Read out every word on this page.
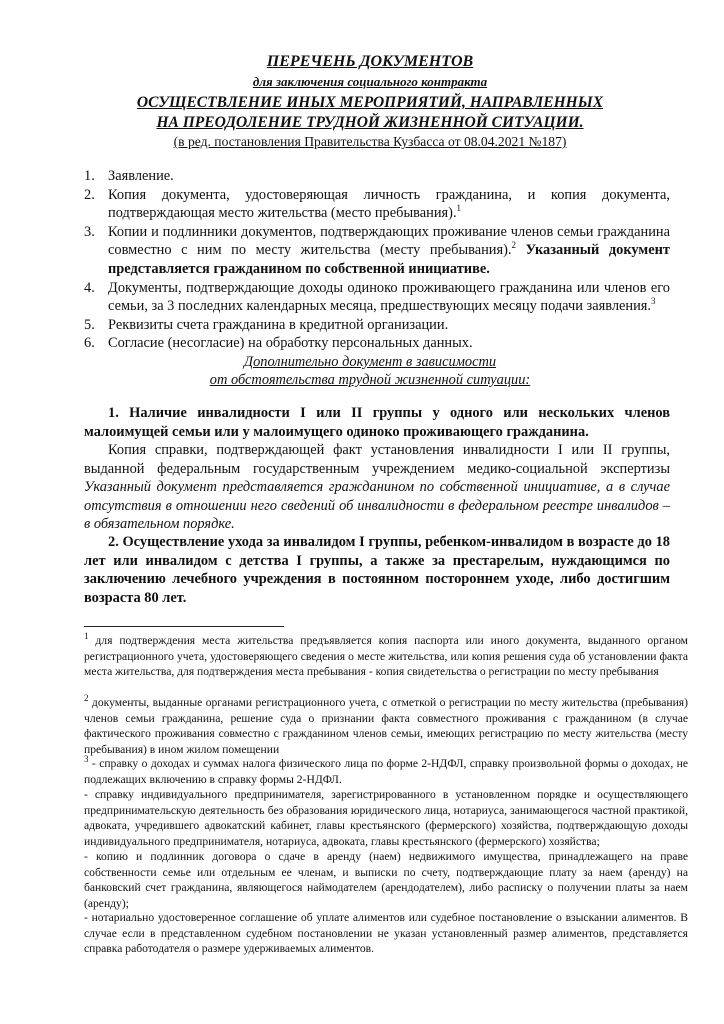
ПЕРЕЧЕНЬ ДОКУМЕНТОВ

для заключения социального контракта

ОСУЩЕСТВЛЕНИЕ ИНЫХ МЕРОПРИЯТИЙ, НАПРАВЛЕННЫХ

НА ПРЕОДОЛЕНИЕ ТРУДНОЙ ЖИЗНЕННОЙ СИТУАЦИИ.

(в ред. постановления Правительства Кузбасса от 08.04.2021 №187)

1. Заявление.
2. Копия документа, удостоверяющая личность гражданина, и копия документа, подтверждающая место жительства (место пребывания).$^1$
3. Копии и подлинники документов, подтверждающих проживание членов семьи гражданина совместно с ним по месту жительства (месту пребывания).$^2$ Указанный документ представляется гражданином по собственной инициативе.
4. Документы, подтверждающие доходы одиноко проживающего гражданина или членов его семьи, за 3 последних календарных месяца, предшествующих месяцу подачи заявления.$^3$
5. Реквизиты счета гражданина в кредитной организации.
6. Согласие (несогласие) на обработку персональных данных.

Дополнительно документ в зависимости

от обстоятельства трудной жизненной ситуации:

1. Наличие инвалидности I или II группы у одного или нескольких членов малоимущей семьи или у малоимущего одиноко проживающего гражданина.

Копия справки, подтверждающей факт установления инвалидности I или II группы, выданной федеральным государственным учреждением медико-социальной экспертизы Указанный документ представляется гражданином по собственной инициативе, а в случае отсутствия в отношении него сведений об инвалидности в федеральном реестре инвалидов – в обязательном порядке.

2. Осуществление ухода за инвалидом I группы, ребенком-инвалидом в возрасте до 18 лет или инвалидом с детства I группы, а также за престарелым, нуждающимся по заключению лечебного учреждения в постоянном постороннем уходе, либо достигшим возраста 80 лет.

$^1$ для подтверждения места жительства предъявляется копия паспорта или иного документа, выданного органом регистрационного учета, удостоверяющего сведения о месте жительства, или копия решения суда об установлении факта места жительства, для подтверждения места пребывания - копия свидетельства о регистрации по месту пребывания

$^2$ документы, выданные органами регистрационного учета, с отметкой о регистрации по месту жительства (пребывания) членов семьи гражданина, решение суда о признании факта совместного проживания с гражданином (в случае фактического проживания совместно с гражданином членов семьи, имеющих регистрацию по месту жительства (месту пребывания) в ином жилом помещении

$^3$ - справку о доходах и суммах налога физического лица по форме 2-НДФЛ, справку произвольной формы о доходах, не подлежащих включению в справку формы 2-НДФЛ.

- справку индивидуального предпринимателя, зарегистрированного в установленном порядке и осуществляющего предпринимательскую деятельность без образования юридического лица, нотариуса, занимающегося частной практикой, адвоката, учредившего адвокатский кабинет, главы крестьянского (фермерского) хозяйства, подтверждающую доходы индивидуального предпринимателя, нотариуса, адвоката, главы крестьянского (фермерского) хозяйства;

- копию и подлинник договора о сдаче в аренду (наем) недвижимого имущества, принадлежащего на праве собственности семье или отдельным ее членам, и выписки по счету, подтверждающие плату за наем (аренду) на банковский счет гражданина, являющегося наймодателем (арендодателем), либо расписку о получении платы за наем (аренду);

- нотариально удостоверенное соглашение об уплате алиментов или судебное постановление о взыскании алиментов. В случае если в представленном судебном постановлении не указан установленный размер алиментов, представляется справка работодателя о размере удерживаемых алиментов.
